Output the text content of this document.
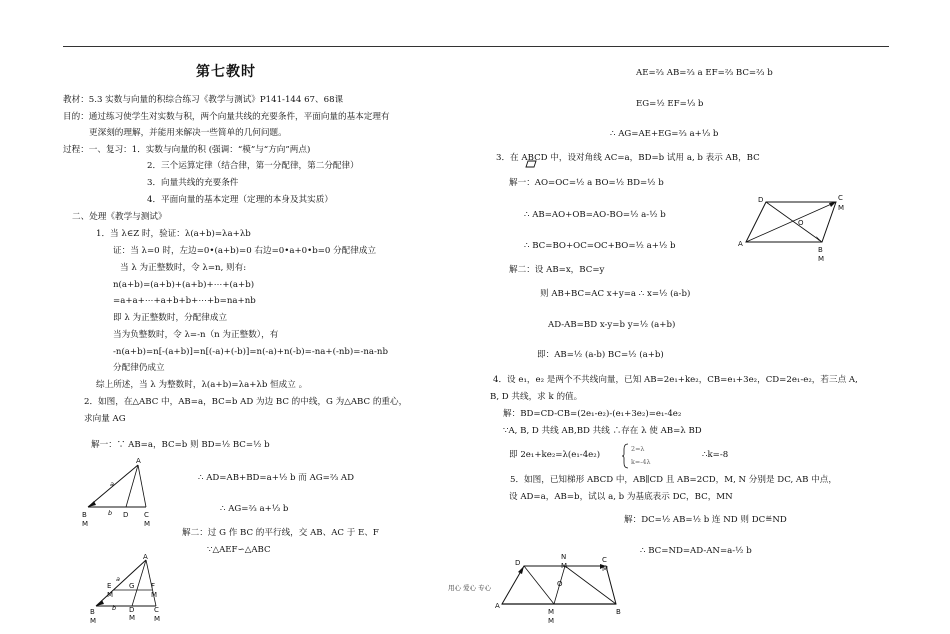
第七教时
教材：5.3 实数与向量的积综合练习《教学与测试》P141-144 67、68课
目的：通过练习使学生对实数与积，两个向量共线的充要条件，平面向量的基本定理有
更深刻的理解，并能用来解决一些简单的几何问题。
过程：一、复习：1．实数与向量的积 (强调：“模”与“方向”两点)
2．三个运算定律（结合律，第一分配律，第二分配律）
3．向量共线的充要条件
4．平面向量的基本定理（定理的本身及其实质）
二、处理《教学与测试》
1．当 λ∈Z 时，验证：λ(a+b)=λa+λb
证：当 λ=0 时，左边=0•(a+b)=0 右边=0•a+0•b=0 分配律成立
当 λ 为正整数时，令 λ=n, 则有:
n(a+b)=(a+b)+(a+b)+⋯+(a+b)
=a+a+⋯+a+b+b+⋯+b=na+nb
即 λ 为正整数时，分配律成立
当为负整数时，令 λ=-n（n 为正整数），有
-n(a+b)=n[-(a+b)]=n[(-a)+(-b)]=n(-a)+n(-b)=-na+(-nb)=-na-nb
分配律仍成立
综上所述，当 λ 为整数时，λ(a+b)=λa+λb 恒成立 。
2．如图，在△ABC 中，AB=a，BC=b AD 为边 BC 的中线，G 为△ABC 的重心，
求向量 AG
解一：∵ AB=a，BC=b 则 BD=½ BC=½ b
∴ AD=AB+BD=a+½ b 而 AG=⅔ AD
∴ AG=⅔ a+⅓ b
解二：过 G 作 BC 的平行线，交 AB、AC 于 E、F
∵△AEF∽△ABC
A
B
M
D C
M
a
b
A
E
M
G F
M
B
M
D
M
C
M
a
b
AE=⅔ AB=⅔ a EF=⅔ BC=⅔ b
EG=½ EF=⅓ b
∴ AG=AE+EG=⅔ a+⅓ b
3．在 ABCD 中，设对角线 AC=a，BD=b 试用 a, b 表示 AB，BC
解一：AO=OC=½ a BO=½ BD=½ b
∴ AB=AO+OB=AO-BO=½ a-½ b
∴ BC=BO+OC=OC+BO=½ a+½ b
解二：设 AB=x，BC=y
则 AB+BC=AC x+y=a ∴ x=½ (a-b)
AD-AB=BD x-y=b y=½ (a+b)
即：AB=½ (a-b) BC=½ (a+b)
A
D	C
M
O
B
M
4．设 e₁，e₂ 是两个不共线向量，已知 AB=2e₁+ke₂，CB=e₁+3e₂，CD=2e₁-e₂，若三点 A,
B, D 共线，求 k 的值。
解：BD=CD-CB=(2e₁-e₂)-(e₁+3e₂)=e₁-4e₂
∵A, B, D 共线 AB,BD 共线 ∴存在 λ 使 AB=λ BD
即 2e₁+ke₂=λ(e₁-4e₂)
2=λ
k=-4λ
∴k=-8
5．如图，已知梯形 ABCD 中，AB∥CD 且 AB=2CD，M, N 分别是 DC, AB 中点，
设 AD=a，AB=b，试以 a, b 为基底表示 DC，BC，MN
解：DC=½ AB=½ b 连 ND 则 DC≝ND
∴ BC=ND=AD-AN=a-½ b
A
D
N
M
O
C
M
M
M
B
用心 爱心 专心
